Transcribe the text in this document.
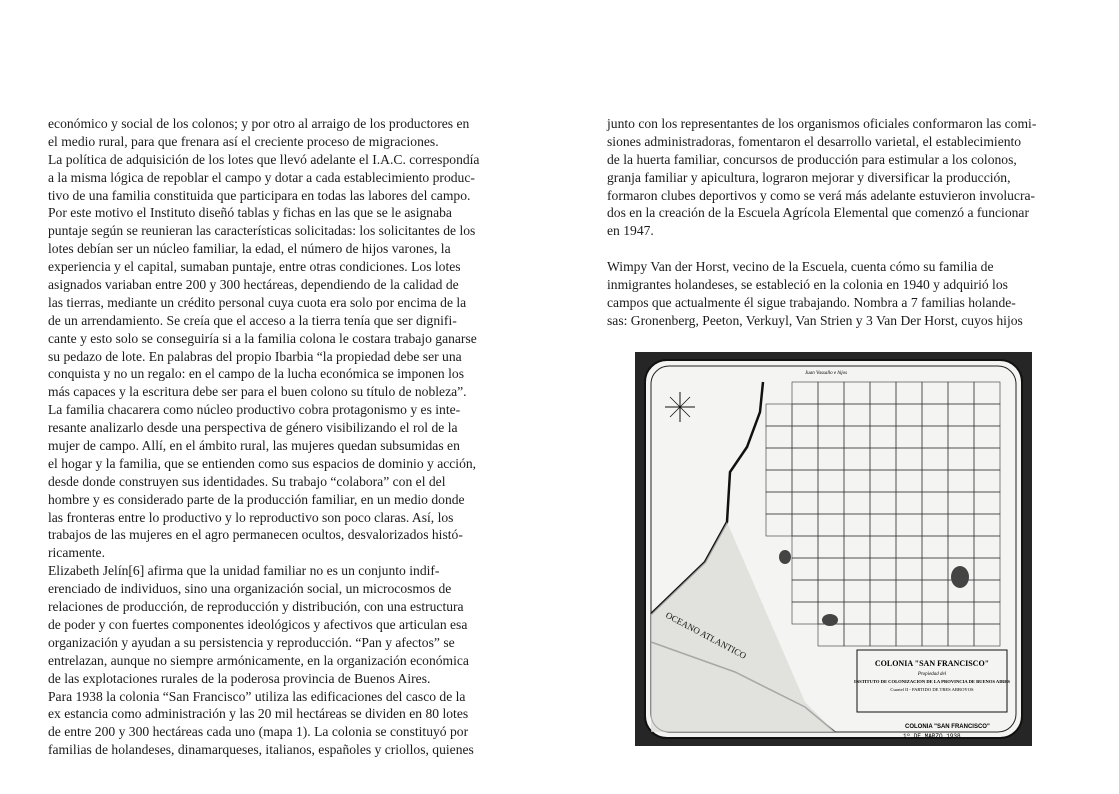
económico y social de los colonos; y por otro al arraigo de los productores en
el medio rural, para que frenara así el creciente proceso de migraciones.
La política de adquisición de los lotes que llevó adelante el I.A.C. correspondía
a la misma lógica de repoblar el campo y dotar a cada establecimiento produc-
tivo de una familia constituida que participara en todas las labores del campo.
Por este motivo el Instituto diseñó tablas y fichas en las que se le asignaba
puntaje según se reunieran las características solicitadas: los solicitantes de los
lotes debían ser un núcleo familiar, la edad, el número de hijos varones, la
experiencia y el capital, sumaban puntaje, entre otras condiciones. Los lotes
asignados variaban entre 200 y 300 hectáreas, dependiendo de la calidad de
las tierras, mediante un crédito personal cuya cuota era solo por encima de la
de un arrendamiento. Se creía que el acceso a la tierra tenía que ser dignifi-
cante y esto solo se conseguiría si a la familia colona le costara trabajo ganarse
su pedazo de lote. En palabras del propio Ibarbia “la propiedad debe ser una
conquista y no un regalo: en el campo de la lucha económica se imponen los
más capaces y la escritura debe ser para el buen colono su título de nobleza”.
La familia chacarera como núcleo productivo cobra protagonismo y es inte-
resante analizarlo desde una perspectiva de género visibilizando el rol de la
mujer de campo. Allí, en el ámbito rural, las mujeres quedan subsumidas en
el hogar y la familia, que se entienden como sus espacios de dominio y acción,
desde donde construyen sus identidades. Su trabajo “colabora” con el del
hombre y es considerado parte de la producción familiar, en un medio donde
las fronteras entre lo productivo y lo reproductivo son poco claras. Así, los
trabajos de las mujeres en el agro permanecen ocultos, desvalorizados histó-
ricamente.
Elizabeth Jelín[6] afirma que la unidad familiar no es un conjunto indif-
erenciado de individuos, sino una organización social, un microcosmos de
relaciones de producción, de reproducción y distribución, con una estructura
de poder y con fuertes componentes ideológicos y afectivos que articulan esa
organización y ayudan a su persistencia y reproducción. “Pan y afectos” se
entrelazan, aunque no siempre armónicamente, en la organización económica
de las explotaciones rurales de la poderosa provincia de Buenos Aires.
Para 1938 la colonia “San Francisco” utiliza las edificaciones del casco de la
ex estancia como administración y las 20 mil hectáreas se dividen en 80 lotes
de entre 200 y 300 hectáreas cada uno (mapa 1). La colonia se constituyó por
familias de holandeses, dinamarqueses, italianos, españoles y criollos, quienes
junto con los representantes de los organismos oficiales conformaron las comi-
siones administradoras, fomentaron el desarrollo varietal, el establecimiento
de la huerta familiar, concursos de producción para estimular a los colonos,
granja familiar y apicultura, lograron mejorar y diversificar la producción,
formaron clubes deportivos y como se verá más adelante estuvieron involucra-
dos en la creación de la Escuela Agrícola Elemental que comenzó a funcionar
en 1947.
Wimpy Van der Horst, vecino de la Escuela, cuenta cómo su familia de
inmigrantes holandeses, se estableció en la colonia en 1940 y adquirió los
campos que actualmente él sigue trabajando. Nombra a 7 familias holande-
sas: Gronenberg, Peeton, Verkuyl, Van Strien y 3 Van Der Horst, cuyos hijos
OCEANO ATLANTICO
COLONIA "SAN FRANCISCO"
Propiedad del
INSTITUTO DE COLONIZACION DE LA PROVINCIA DE BUENOS AIRES
Cuartel II - PARTIDO DE TRES ARROYOS
COLONIA "SAN FRANCISCO"
1º DE MARZO 1938
Juan Vassallo e hijos
